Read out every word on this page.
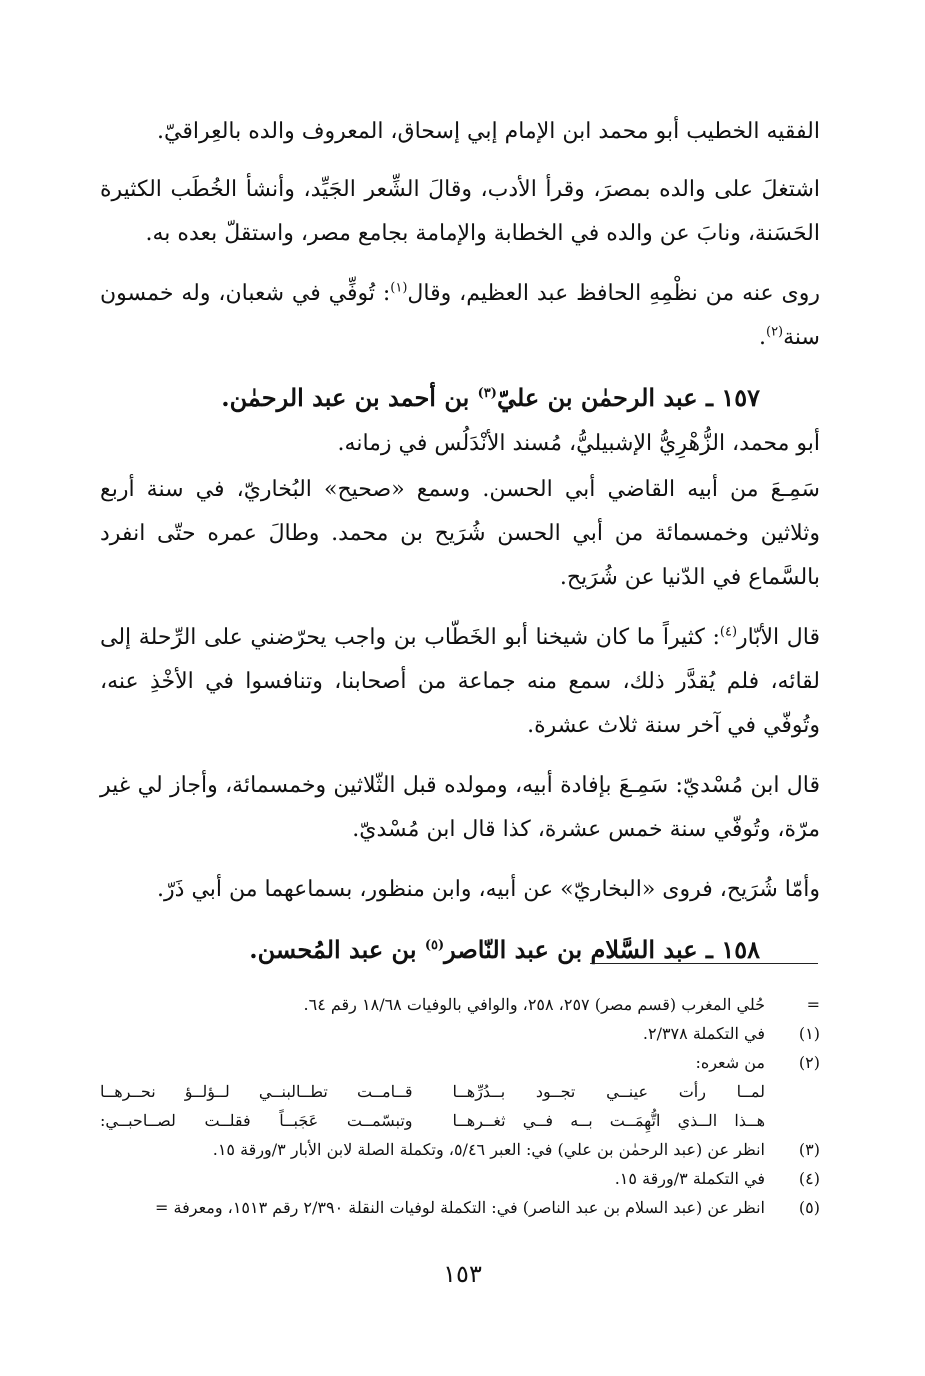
الفقيه الخطيب أبو محمد ابن الإمام إبي إسحاق، المعروف والده بالعِراقيّ.

اشتغلَ على والده بمصرَ، وقرأ الأدب، وقالَ الشِّعر الجَيِّد، وأنشأ الخُطَب الكثيرة الحَسَنة، ونابَ عن والده في الخطابة والإمامة بجامع مصر، واستقلّ بعده به.

روى عنه من نظْمِهِ الحافظ عبد العظيم، وقال$^{(١)}$: تُوفِّي في شعبان، وله خمسون سنة$^{(٢)}$.

١٥٧ ـ عبد الرحمٰن بن عليّ$^{(٣)}$ بن أحمد بن عبد الرحمٰن.
أبو محمد، الزُّهْرِيُّ الإشبيليُّ، مُسند الأنْدَلُس في زمانه.

سَمِـعَ من أبيه القاضي أبي الحسن. وسمع «صحيح» البُخاريّ، في سنة أربع وثلاثين وخمسمائة من أبي الحسن شُرَيح بن محمد. وطالَ عمره حتّى انفرد بالسَّماع في الدّنيا عن شُرَيح.

قال الأبّار$^{(٤)}$: كثيراً ما كان شيخنا أبو الخَطّاب بن واجب يحرّضني على الرِّحلة إلى لقائه، فلم يُقدَّر ذلك، سمع منه جماعة من أصحابنا، وتنافسوا في الأخْذِ عنه، وتُوفّي في آخر سنة ثلاث عشرة.

قال ابن مُسْديّ: سَمِـعَ بإفادة أبيه، ومولده قبل الثّلاثين وخمسمائة، وأجاز لي غير مرّة، وتُوفّي سنة خمس عشرة، كذا قال ابن مُسْديّ.

وأمّا شُرَيح، فروى «البخاريّ» عن أبيه، وابن منظور، بسماعهما من أبي ذَرّ.

١٥٨ ـ عبد السَّلام بن عبد النّاصر$^{(٥)}$ بن عبد المُحسن.
=
حُلي المغرب (قسم مصر) ٢٥٧، ٢٥٨، والوافي بالوفيات ١٨/٦٨ رقم ٦٤.
(١)
في التكملة ٢/٣٧٨.
(٢)
من شعره:
لمــا رأت عينــي تجــود بــدُرِّهــا
قــامــت تطــالبنــي لــؤلــؤ نحــرهــا
هــذا الــذي اتُّهِمَــت بــه فــي ثغــرهــا
وتبسّمــت عَجَبــاً فقلــت لصــاحبــي:
(٣)
انظر عن (عبد الرحمٰن بن علي) في: العبر ٥/٤٦، وتكملة الصلة لابن الأبار ٣/ورقة ١٥.
(٤)
في التكملة ٣/ورقة ١٥.
(٥)
انظر عن (عبد السلام بن عبد الناصر) في: التكملة لوفيات النقلة ٢/٣٩٠ رقم ١٥١٣، ومعرفة =
١٥٣
